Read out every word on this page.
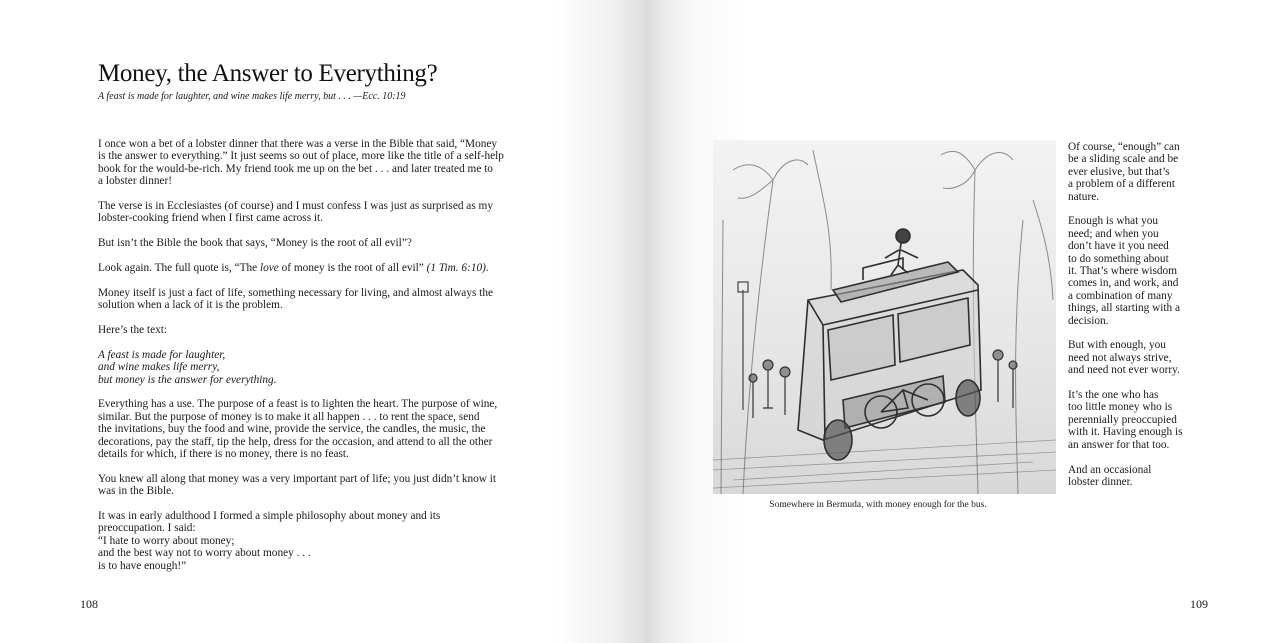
Money, the Answer to Everything?

A feast is made for laughter, and wine makes life merry, but . . . —Ecc. 10:19

I once won a bet of a lobster dinner that there was a verse in the Bible that said, “Money
is the answer to everything.” It just seems so out of place, more like the title of a self-help
book for the would-be-rich. My friend took me up on the bet . . . and later treated me to
a lobster dinner!

The verse is in Ecclesiastes (of course) and I must confess I was just as surprised as my
lobster-cooking friend when I first came across it.

But isn’t the Bible the book that says, “Money is the root of all evil”?

Look again. The full quote is, “The love of money is the root of all evil” (1 Tim. 6:10).

Money itself is just a fact of life, something necessary for living, and almost always the
solution when a lack of it is the problem.

Here’s the text:

A feast is made for laughter,
and wine makes life merry,
but money is the answer for everything.

Everything has a use. The purpose of a feast is to lighten the heart. The purpose of wine,
similar. But the purpose of money is to make it all happen . . . to rent the space, send
the invitations, buy the food and wine, provide the service, the candles, the music, the
decorations, pay the staff, tip the help, dress for the occasion, and attend to all the other
details for which, if there is no money, there is no feast.

You knew all along that money was a very important part of life; you just didn’t know it
was in the Bible.

It was in early adulthood I formed a simple philosophy about money and its
preoccupation. I said:
“I hate to worry about money;
and the best way not to worry about money . . .
is to have enough!”

108
Somewhere in Bermuda, with money enough for the bus.

Of course, “enough” can
be a sliding scale and be
ever elusive, but that’s
a problem of a different
nature.

Enough is what you
need; and when you
don’t have it you need
to do something about
it. That’s where wisdom
comes in, and work, and
a combination of many
things, all starting with a
decision.

But with enough, you
need not always strive,
and need not ever worry.

It’s the one who has
too little money who is
perennially preoccupied
with it. Having enough is
an answer for that too.

And an occasional
lobster dinner.

109
